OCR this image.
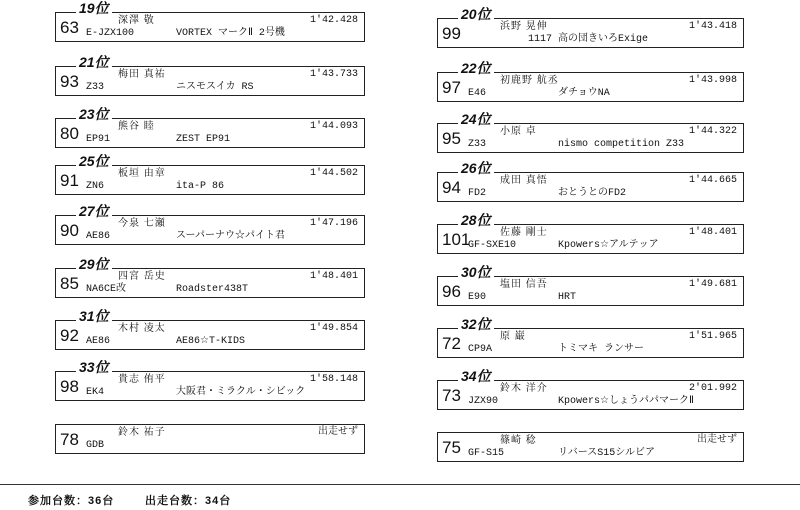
19位
63	深澤 敬	1'42.428
E-JZX100	VORTEX マークⅡ 2号機
21位
93	梅田 真祐	1'43.733
Z33	ニスモスイカ RS
23位
80	熊谷 睦	1'44.093
EP91	ZEST EP91
25位
91	板垣 由章	1'44.502
ZN6	ita-P 86
27位
90	今泉 七瀬	1'47.196
AE86	スーパーナウ☆パイト君
29位
85	四宮 岳史	1'48.401
NA6CE改	Roadster438T
31位
92	木村 凌太	1'49.854
AE86	AE86☆T-KIDS
33位
98	貴志 侑平	1'58.148
EK4	大阪君・ミラクル・シビック
78	鈴木 祐子	出走せず
GDB
20位
99	浜野 晃伸	1'43.418
1117 高の団きいろExige
22位
97	初鹿野 航丞	1'43.998
E46	ダチョウNA
24位
95	小原 卓	1'44.322
Z33	nismo competition Z33
26位
94	成田 真悟	1'44.665
FD2	おとうとのFD2
28位
101	佐藤 剛士	1'48.401
GF-SXE10	Kpowers☆アルテッア
30位
96	塩田 信吾	1'49.681
E90	HRT
32位
72	原 巌	1'51.965
CP9A	トミマキ ランサー
34位
73	鈴木 洋介	2'01.992
JZX90	Kpowers☆しょうパパマークⅡ
75	篠崎 稔	出走せず
GF-S15	リバースS15シルビア
参加台数：36台	出走台数：34台
